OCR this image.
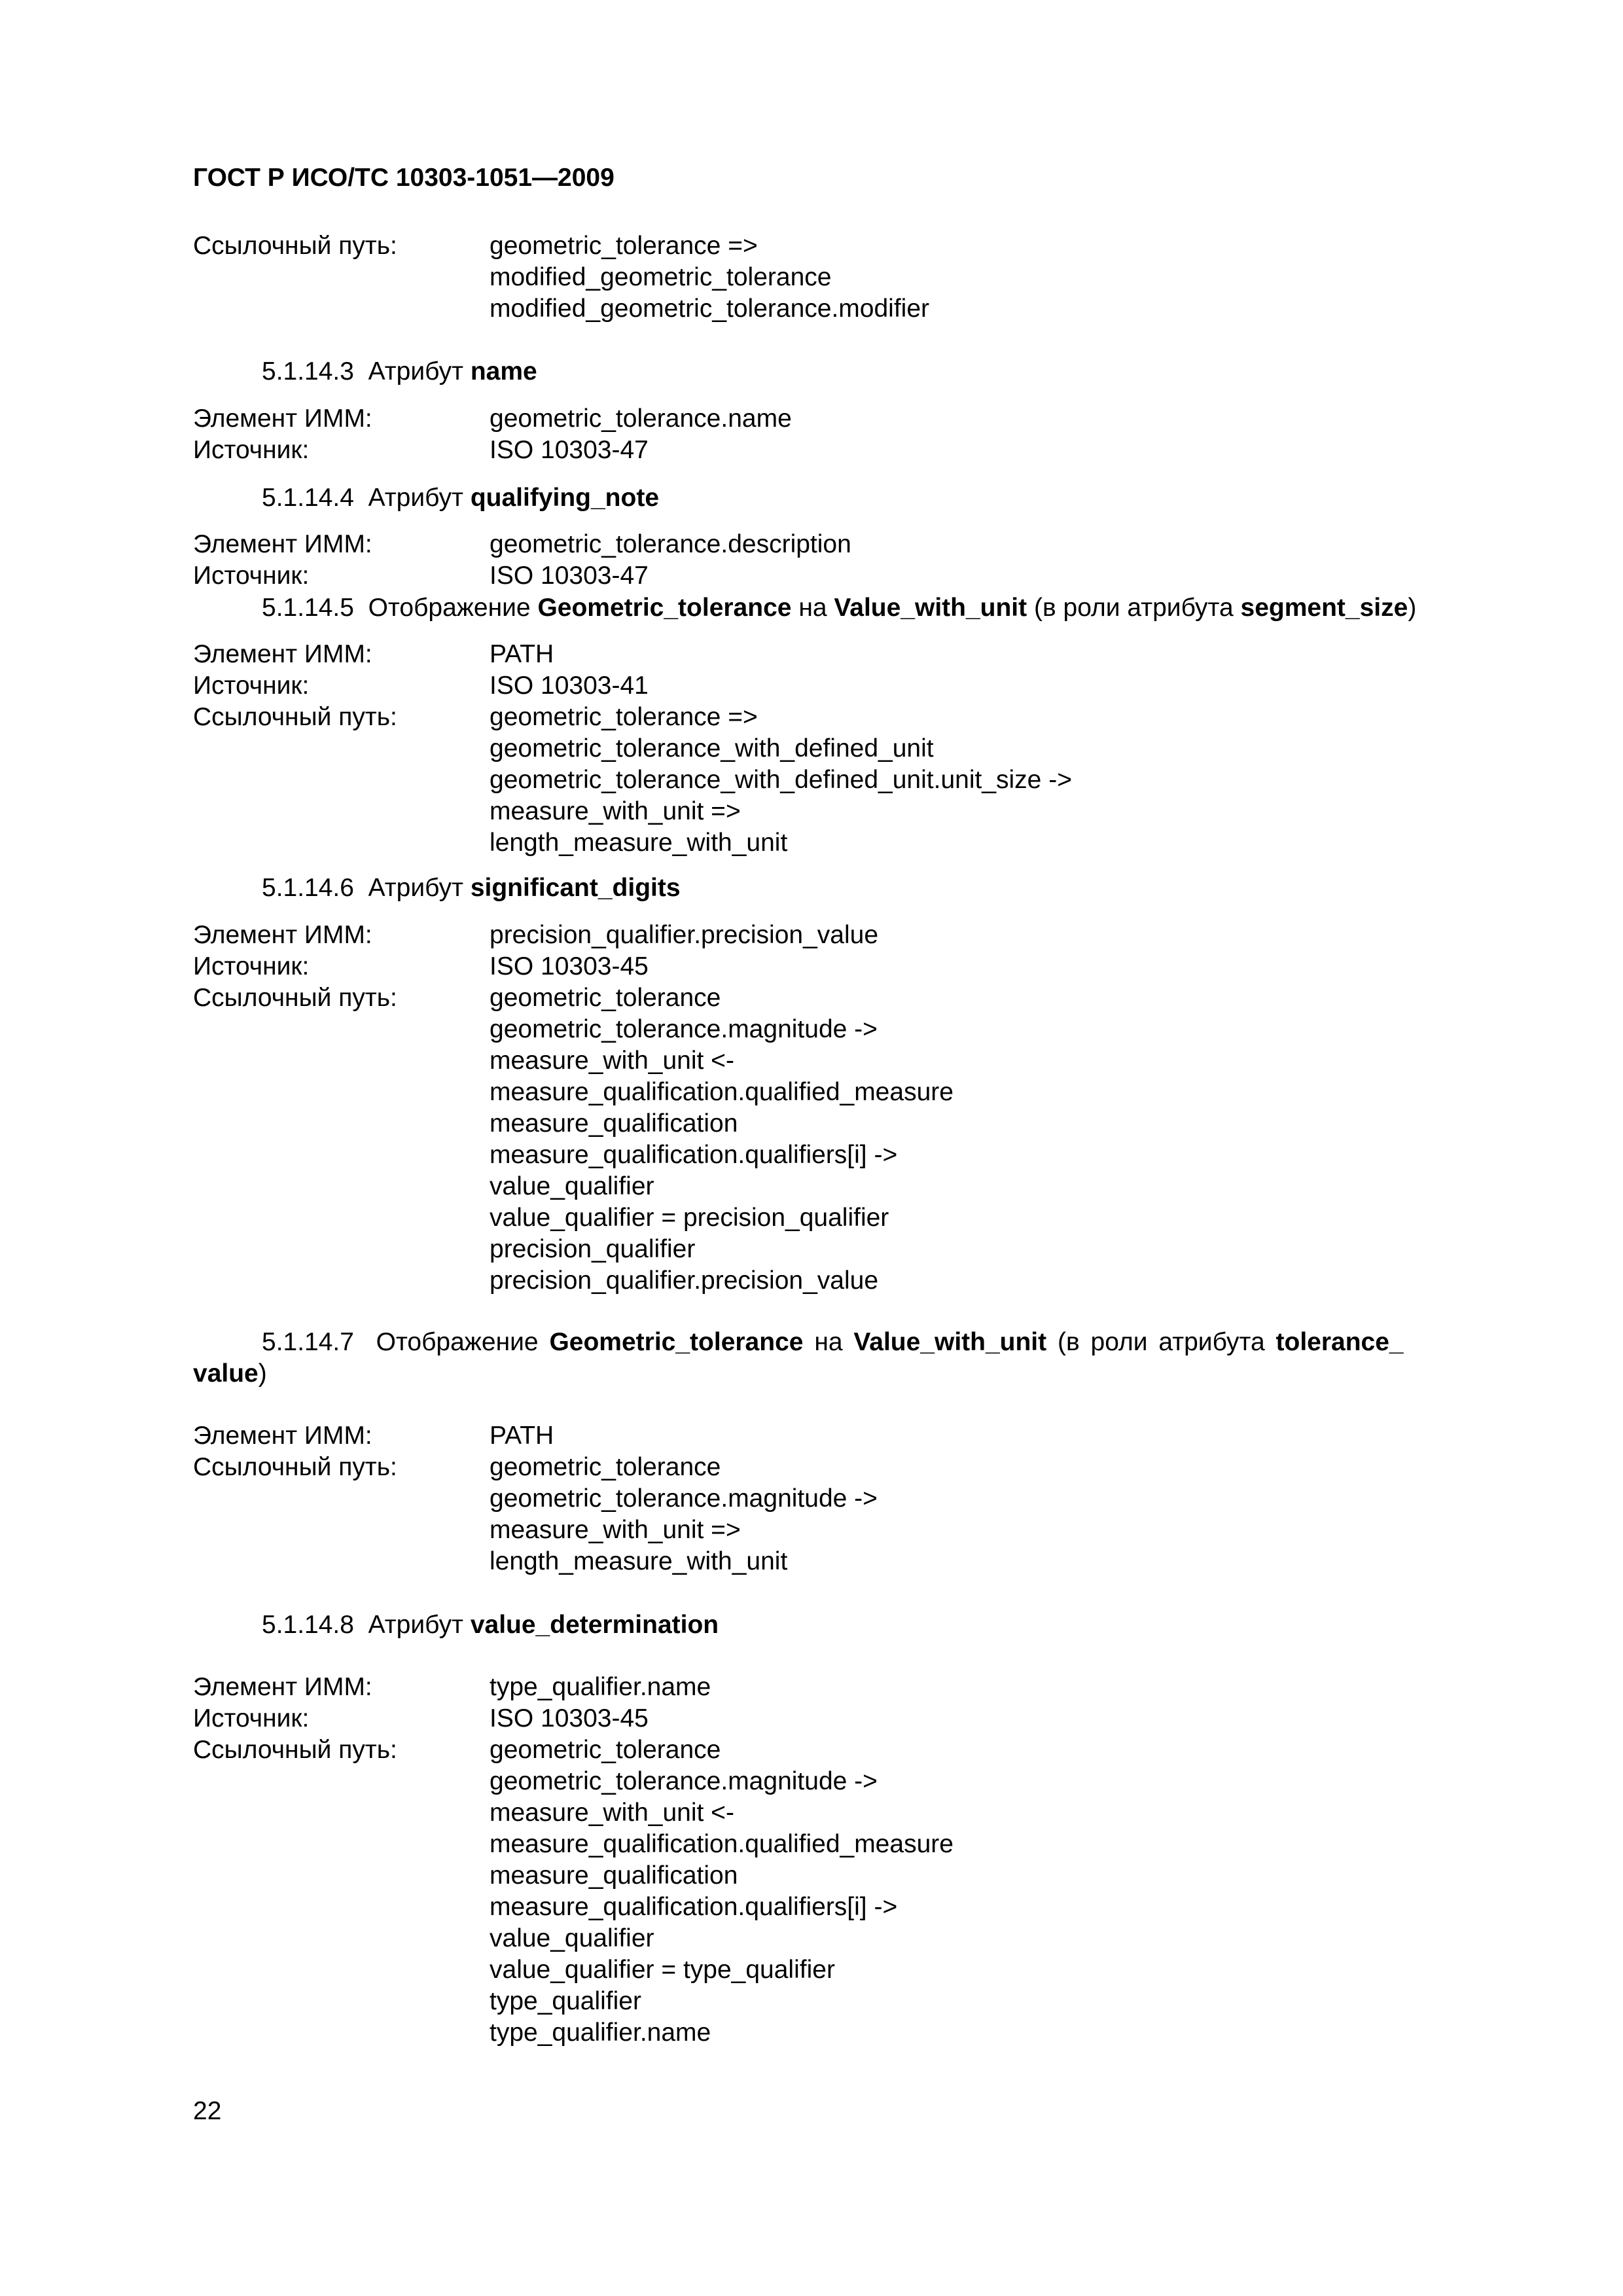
ГОСТ Р ИСО/ТС 10303-1051—2009
Ссылочный путь:	geometric_tolerance =>
modified_geometric_tolerance
modified_geometric_tolerance.modifier
5.1.14.3 Атрибут name
Элемент ИММ:	geometric_tolerance.name
Источник:	ISO 10303-47
5.1.14.4 Атрибут qualifying_note
Элемент ИММ:	geometric_tolerance.description
Источник:	ISO 10303-47
5.1.14.5 Отображение Geometric_tolerance на Value_with_unit (в роли атрибута segment_size)
Элемент ИММ:	PATH
Источник:	ISO 10303-41
Ссылочный путь:	geometric_tolerance =>
geometric_tolerance_with_defined_unit
geometric_tolerance_with_defined_unit.unit_size ->
measure_with_unit =>
length_measure_with_unit
5.1.14.6 Атрибут significant_digits
Элемент ИММ:	precision_qualifier.precision_value
Источник:	ISO 10303-45
Ссылочный путь:	geometric_tolerance
geometric_tolerance.magnitude ->
measure_with_unit <-
measure_qualification.qualified_measure
measure_qualification
measure_qualification.qualifiers[i] ->
value_qualifier
value_qualifier = precision_qualifier
precision_qualifier
precision_qualifier.precision_value
5.1.14.7 Отображение Geometric_tolerance на Value_with_unit (в роли атрибута tolerance_
value)
Элемент ИММ:	PATH
Ссылочный путь:	geometric_tolerance
geometric_tolerance.magnitude ->
measure_with_unit =>
length_measure_with_unit
5.1.14.8 Атрибут value_determination
Элемент ИММ:	type_qualifier.name
Источник:	ISO 10303-45
Ссылочный путь:	geometric_tolerance
geometric_tolerance.magnitude ->
measure_with_unit <-
measure_qualification.qualified_measure
measure_qualification
measure_qualification.qualifiers[i] ->
value_qualifier
value_qualifier = type_qualifier
type_qualifier
type_qualifier.name
22
